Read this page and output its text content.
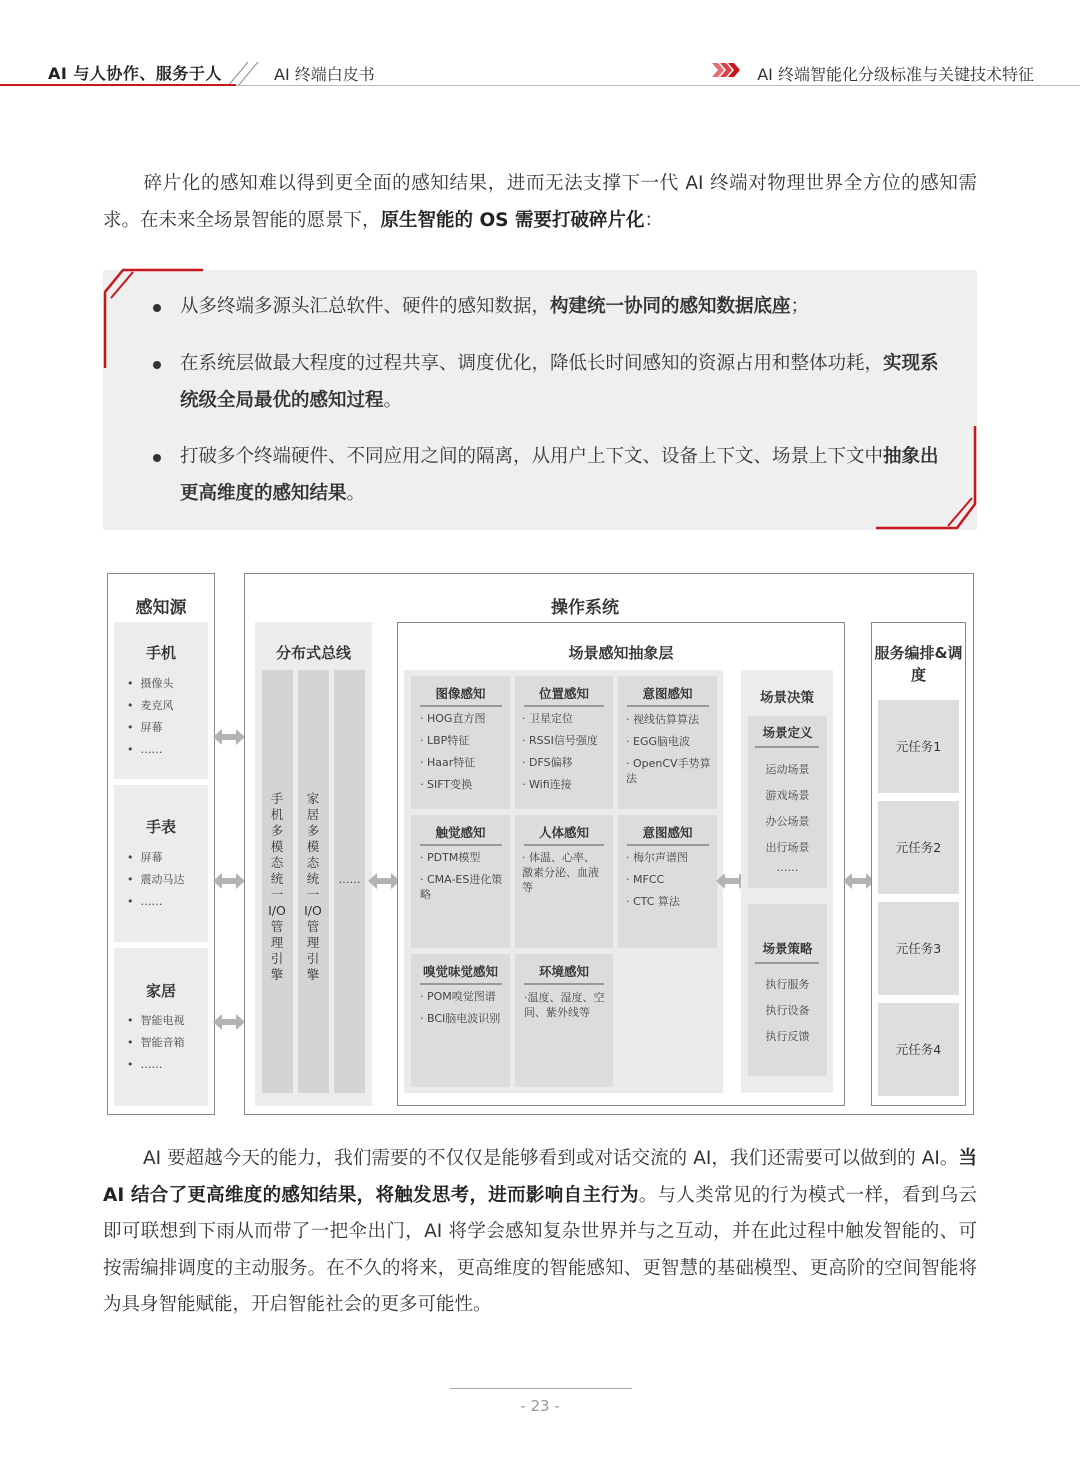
AI 与人协作、服务于人	AI 终端白皮书	AI 终端智能化分级标准与关键技术特征
碎片化的感知难以得到更全面的感知结果，进而无法支撑下一代 AI 终端对物理世界全方位的感知需求。在未来全场景智能的愿景下，原生智能的 OS 需要打破碎片化：
从多终端多源头汇总软件、硬件的感知数据，构建统一协同的感知数据底座；
在系统层做最大程度的过程共享、调度优化，降低长时间感知的资源占用和整体功耗，实现系统级全局最优的感知过程。
打破多个终端硬件、不同应用之间的隔离，从用户上下文、设备上下文、场景上下文中抽象出更高维度的感知结果。
感知源
手机
•  摄像头
•  麦克风
•  屏幕
•  ……
手表
•  屏幕
•  震动马达
•  ……
家居
•  智能电视
•  智能音箱
•  ……
操作系统
分布式总线
手机多模态统一I/O管理引擎
家居多模态统一I/O管理引擎
……
场景感知抽象层
图像感知
· HOG直方图
· LBP特征
· Haar特征
· SIFT变换
位置感知
· 卫星定位
· RSSI信号强度
· DFS偏移
· Wifi连接
意图感知
· 视线估算算法
· EGG脑电波
· OpenCV手势算法
触觉感知
· PDTM模型
· CMA-ES进化策略
人体感知
· 体温、心率、激素分泌、血液等
意图感知
· 梅尔声谱图
· MFCC
· CTC 算法
嗅觉味觉感知
· POM嗅觉图谱
· BCI脑电波识别
环境感知
·温度、湿度、空间、紫外线等
场景决策
场景定义
运动场景
游戏场景
办公场景
出行场景
……
场景策略
执行服务
执行设备
执行反馈
服务编排&调度
元任务1
元任务2
元任务3
元任务4
AI 要超越今天的能力，我们需要的不仅仅是能够看到或对话交流的 AI，我们还需要可以做到的 AI。当 AI 结合了更高维度的感知结果，将触发思考，进而影响自主行为。与人类常见的行为模式一样，看到乌云即可联想到下雨从而带了一把伞出门，AI 将学会感知复杂世界并与之互动，并在此过程中触发智能的、可按需编排调度的主动服务。在不久的将来，更高维度的智能感知、更智慧的基础模型、更高阶的空间智能将为具身智能赋能，开启智能社会的更多可能性。
- 23 -
